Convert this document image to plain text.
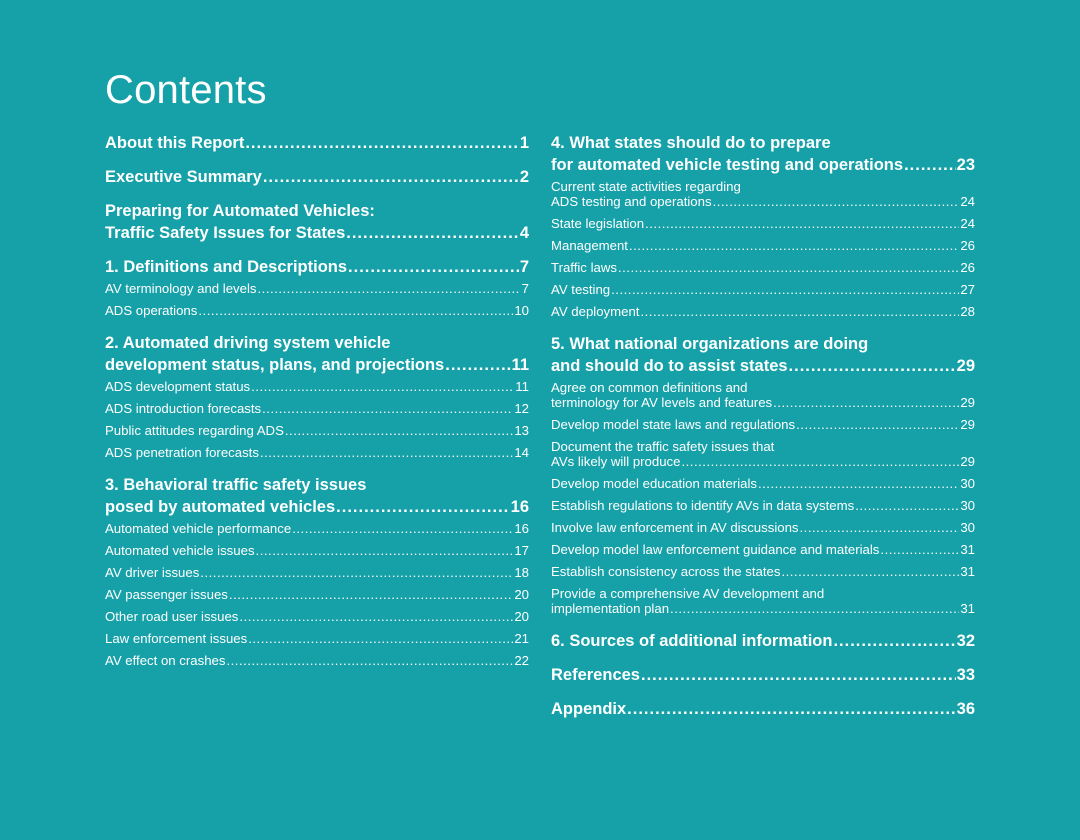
Contents
About this Report .....	1
Executive Summary .....	2
Preparing for Automated Vehicles:
Traffic Safety Issues for States .....	4
1. Definitions and Descriptions .....	7
AV terminology and levels .....	7
ADS operations .....	10
2. Automated driving system vehicle
development status, plans, and projections .....	11
ADS development status .....	11
ADS introduction forecasts .....	12
Public attitudes regarding ADS .....	13
ADS penetration forecasts .....	14
3. Behavioral traffic safety issues
posed by automated vehicles .....	16
Automated vehicle performance .....	16
Automated vehicle issues .....	17
AV driver issues .....	18
AV passenger issues .....	20
Other road user issues .....	20
Law enforcement issues .....	21
AV effect on crashes .....	22
4. What states should do to prepare
for automated vehicle testing and operations .....	23
Current state activities regarding
ADS testing and operations .....	24
State legislation .....	24
Management .....	26
Traffic laws .....	26
AV testing .....	27
AV deployment .....	28
5. What national organizations are doing
and should do to assist states .....	29
Agree on common definitions and
terminology for AV levels and features .....	29
Develop model state laws and regulations .....	29
Document the traffic safety issues that
AVs likely will produce .....	29
Develop model education materials .....	30
Establish regulations to identify AVs in data systems .....	30
Involve law enforcement in AV discussions .....	30
Develop model law enforcement guidance and materials .....	31
Establish consistency across the states .....	31
Provide a comprehensive AV development and
implementation plan .....	31
6. Sources of additional information .....	32
References .....	33
Appendix .....	36
